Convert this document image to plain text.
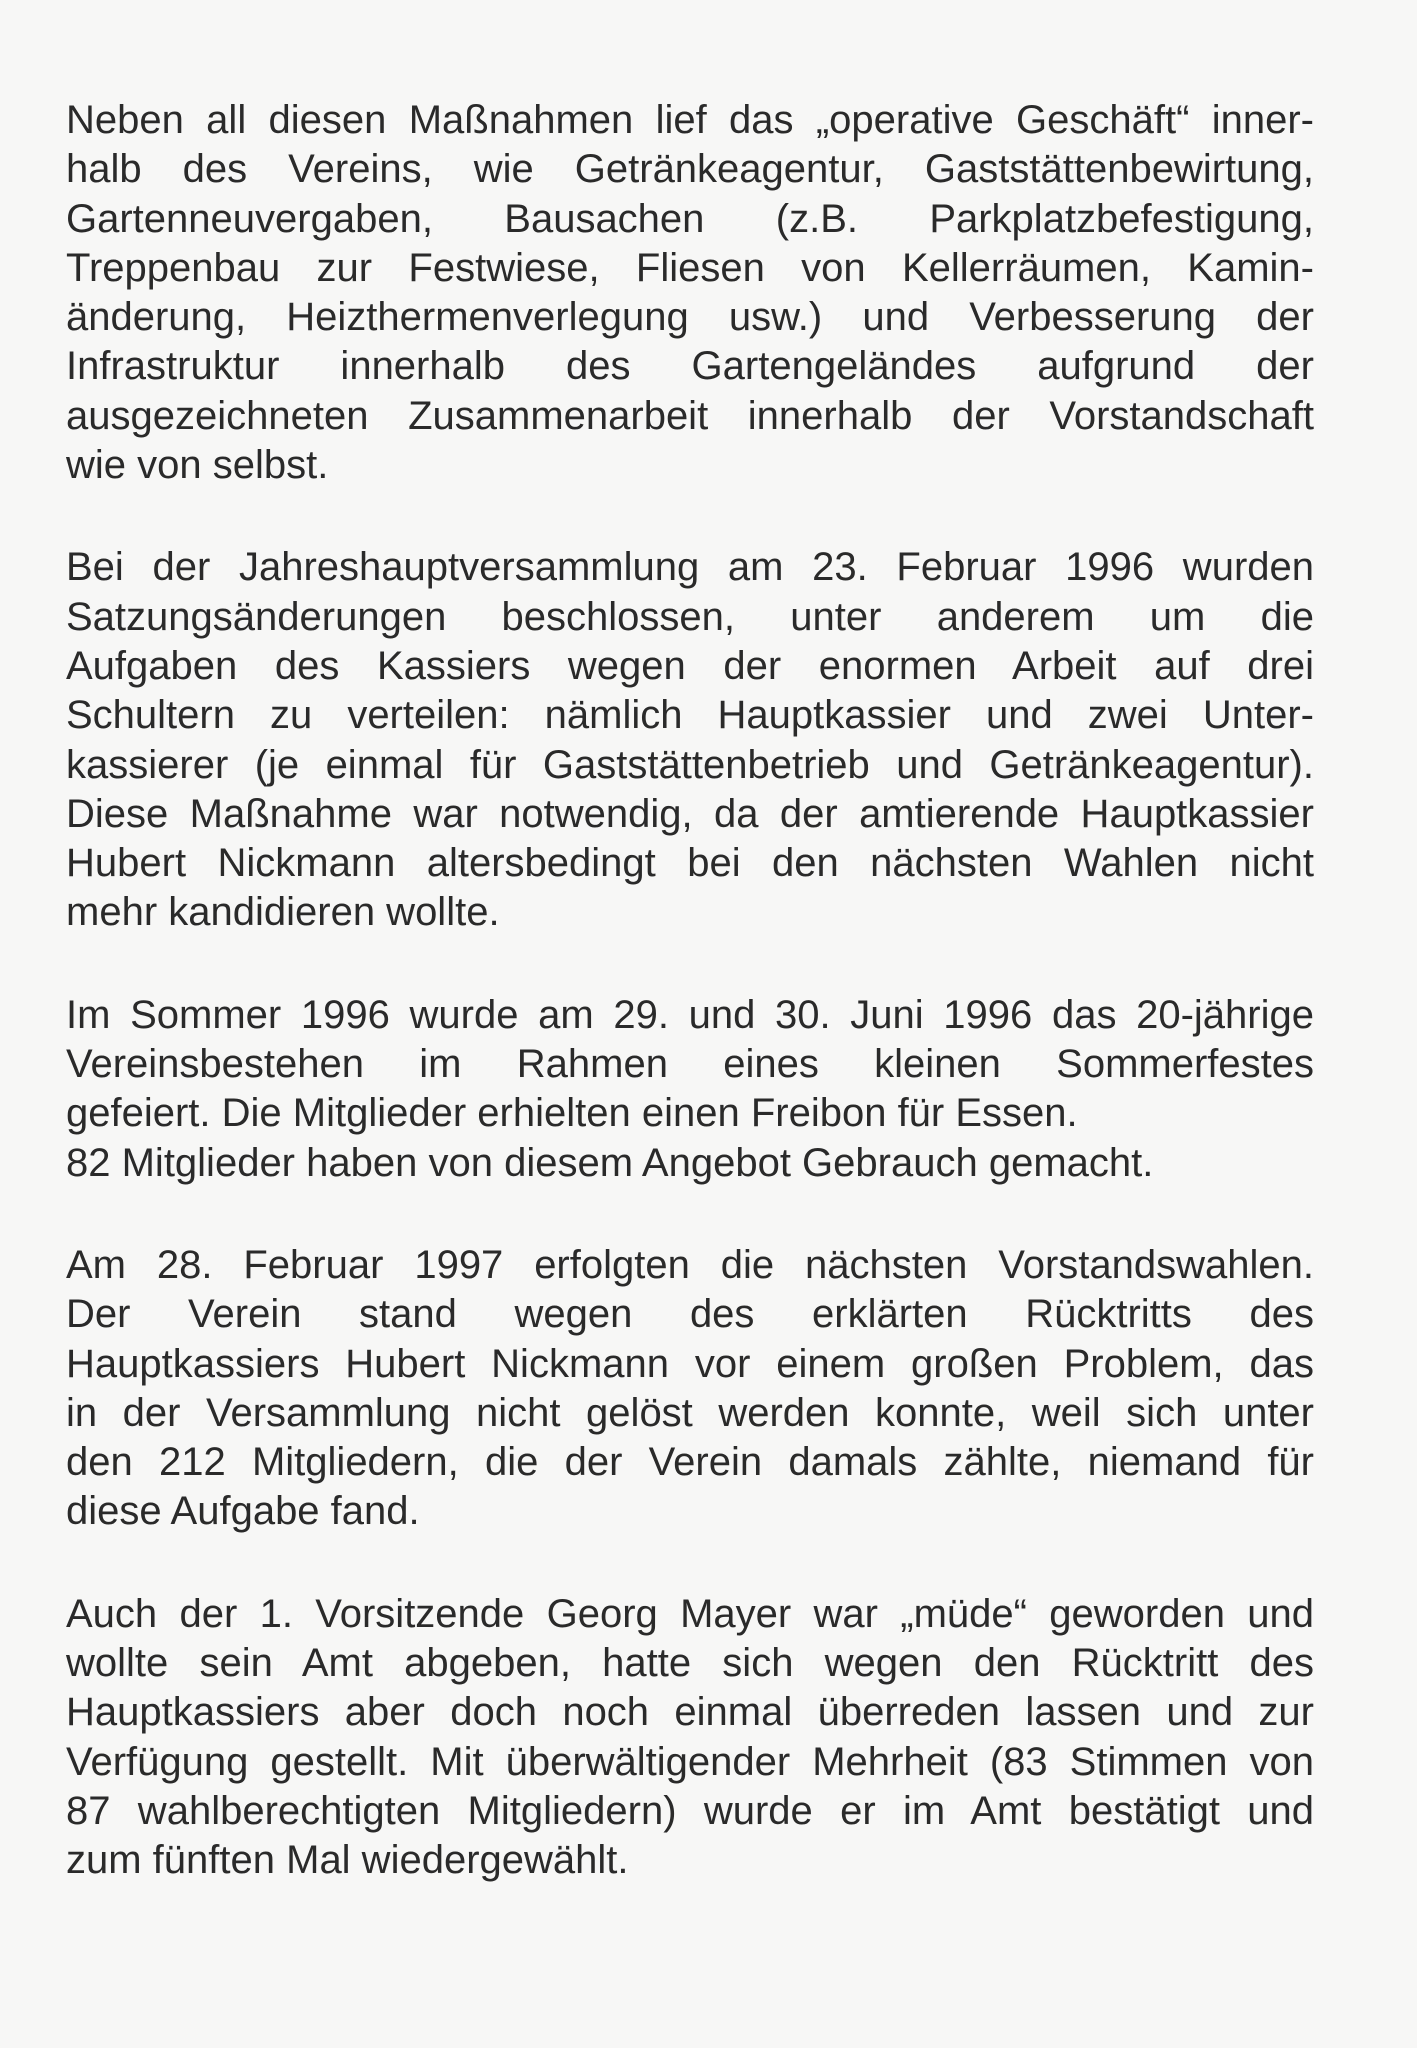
Neben all diesen Maßnahmen lief das „operative Geschäft“ inner-
halb des Vereins, wie Getränkeagentur, Gaststättenbewirtung,
Gartenneuvergaben, Bausachen (z.B. Parkplatzbefestigung,
Treppenbau zur Festwiese, Fliesen von Kellerräumen, Kamin-
änderung, Heizthermenverlegung usw.) und Verbesserung der
Infrastruktur innerhalb des Gartengeländes aufgrund der
ausgezeichneten Zusammenarbeit innerhalb der Vorstandschaft
wie von selbst.
Bei der Jahreshauptversammlung am 23. Februar 1996 wurden
Satzungsänderungen beschlossen, unter anderem um die
Aufgaben des Kassiers wegen der enormen Arbeit auf drei
Schultern zu verteilen: nämlich Hauptkassier und zwei Unter-
kassierer (je einmal für Gaststättenbetrieb und Getränkeagentur).
Diese Maßnahme war notwendig, da der amtierende Hauptkassier
Hubert Nickmann altersbedingt bei den nächsten Wahlen nicht
mehr kandidieren wollte.
Im Sommer 1996 wurde am 29. und 30. Juni 1996 das 20-jährige
Vereinsbestehen im Rahmen eines kleinen Sommerfestes
gefeiert. Die Mitglieder erhielten einen Freibon für Essen.
82 Mitglieder haben von diesem Angebot Gebrauch gemacht.
Am 28. Februar 1997 erfolgten die nächsten Vorstandswahlen.
Der Verein stand wegen des erklärten Rücktritts des
Hauptkassiers Hubert Nickmann vor einem großen Problem, das
in der Versammlung nicht gelöst werden konnte, weil sich unter
den 212 Mitgliedern, die der Verein damals zählte, niemand für
diese Aufgabe fand.
Auch der 1. Vorsitzende Georg Mayer war „müde“ geworden und
wollte sein Amt abgeben, hatte sich wegen den Rücktritt des
Hauptkassiers aber doch noch einmal überreden lassen und zur
Verfügung gestellt. Mit überwältigender Mehrheit (83 Stimmen von
87 wahlberechtigten Mitgliedern) wurde er im Amt bestätigt und
zum fünften Mal wiedergewählt.
